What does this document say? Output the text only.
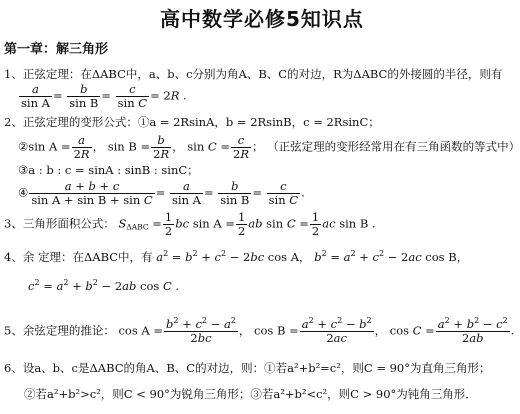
高中数学必修5知识点
第一章：解三角形
1、正弦定理：在ΔABC中，a、b、c分别为角A、B、C的对边，R为ΔABC的外接圆的半径，则有
$\frac{a}{\text{sin A}} = \frac{b}{\text{sin B}} = \frac{c}{\text{sin C}} = 2R$ .
2、正弦定理的变形公式：①a = 2RsinA，b = 2RsinB，c = 2RsinC；
②sin $A = \frac{a}{2R}$ ， $\sin B = \frac{b}{2R}$ ， $\sin C = \frac{c}{2R}$ ； （正弦定理的变形经常用在有三角函数的等式中）
③a : b : c = sinA : sinB : sinC；
④ $\frac{a + b + c}{\text{sin A + sin B + sin C}} = \frac{a}{\text{sin A}} = \frac{b}{\text{sin B}} = \frac{c}{\text{sin C}}$ .
3、三角形面积公式： $S_{\Delta ABC} = \frac{1}{2}$ bc $\sin A = \frac{1}{2}$ ab $\sin C = \frac{1}{2}$ ac sin B .
4、余 定理：在ΔABC中，有 $a^2 = b^2 + c^2 - 2bc$ cos A， $b^2 = a^2 + c^2 - 2ac$ cos B，
$c^2 = a^2 + b^2 - 2ab$ cos C .
5、余弦定理的推论： $\cos A = \frac{b^2 + c^2 - a^2}{2bc}$ ， $\cos B = \frac{a^2 + c^2 - b^2}{2ac}$ ， $\cos C = \frac{a^2 + b^2 - c^2}{2ab}$ .
6、设a、b、c是ΔABC的角A、B、C的对边，则：①若a²+b²=c²，则C = 90°为直角三角形；
②若a²+b²>c²，则C < 90°为锐角三角形；③若a²+b²<c²，则C > 90°为钝角三角形．
